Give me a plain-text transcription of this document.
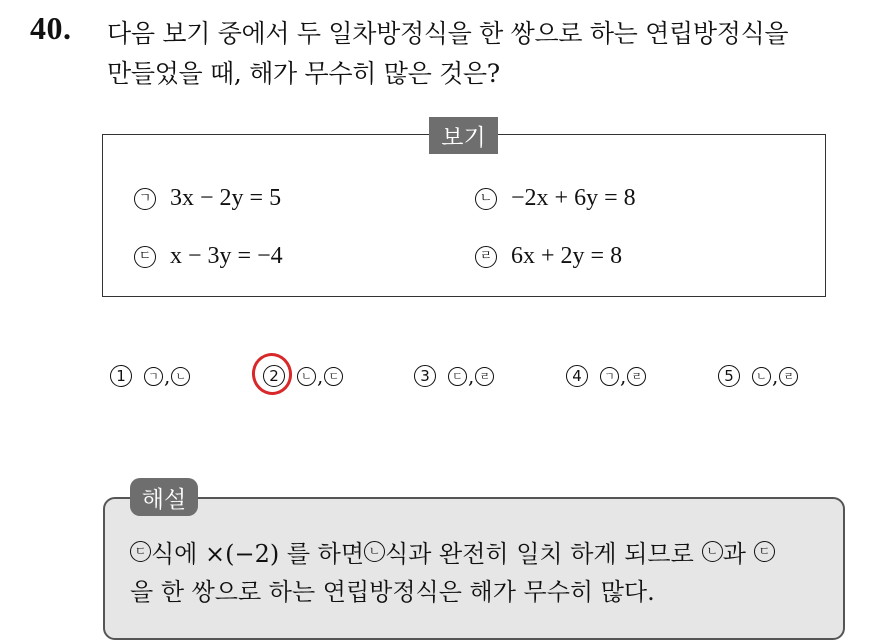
40. 다음 보기 중에서 두 일차방정식을 한 쌍으로 하는 연립방정식을
만들었을 때, 해가 무수히 많은 것은?
보기
ㄱ 3x − 2y = 5	ㄴ −2x + 6y = 8
ㄷ x − 3y = −4	ㄹ 6x + 2y = 8
1	ㄱ , ㄴ	2	ㄴ , ㄷ	3	ㄷ , ㄹ	4	ㄱ , ㄹ	5	ㄴ , ㄹ
해설
ㄷ 식에 ×(−2) 를 하면 ㄴ 식과 완전히 일치 하게 되므로	ㄴ 과	ㄷ
을 한 쌍으로 하는 연립방정식은 해가 무수히 많다.
